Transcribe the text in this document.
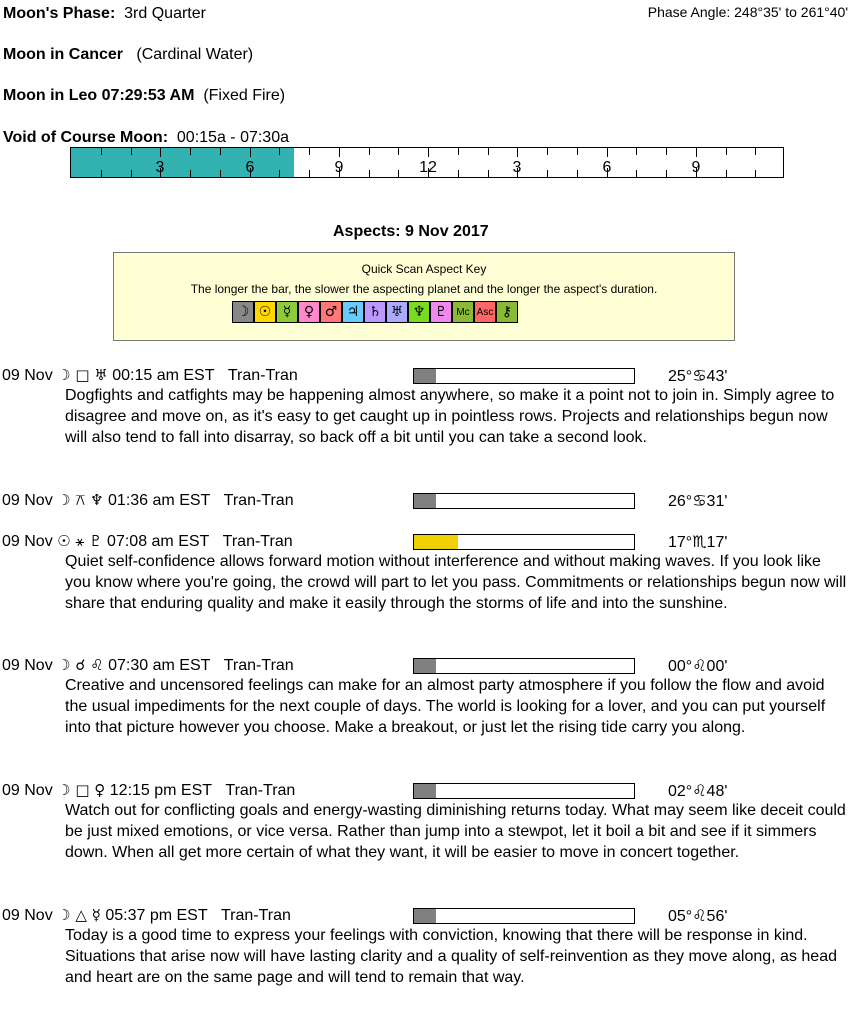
Moon's Phase: 3rd Quarter	Phase Angle: 248°35' to 261°40'
Moon in Cancer (Cardinal Water)
Moon in Leo 07:29:53 AM (Fixed Fire)
Void of Course Moon: 00:15a - 07:30a
3	6	9	12	3	6	9
Aspects: 9 Nov 2017
Quick Scan Aspect Key
The longer the bar, the slower the aspecting planet and the longer the aspect's duration.
☽ ☉ ☿ ♀ ♂ ♃ ♄ ♅ ♆ ♇ Mc Asc ⚷
09 Nov ☽ □ ♅ 00:15 am EST Tran-Tran	25°♋43'
Dogfights and catfights may be happening almost anywhere, so make it a point not to join in. Simply agree to disagree and move on, as it's easy to get caught up in pointless rows. Projects and relationships begun now will also tend to fall into disarray, so back off a bit until you can take a second look.
09 Nov ☽ ⚻ ♆ 01:36 am EST Tran-Tran	26°♋31'
09 Nov ☉ ⚹ ♇ 07:08 am EST Tran-Tran	17°♏17'
Quiet self-confidence allows forward motion without interference and without making waves. If you look like you know where you're going, the crowd will part to let you pass. Commitments or relationships begun now will share that enduring quality and make it easily through the storms of life and into the sunshine.
09 Nov ☽ ☌ ♌ 07:30 am EST Tran-Tran	00°♌00'
Creative and uncensored feelings can make for an almost party atmosphere if you follow the flow and avoid the usual impediments for the next couple of days. The world is looking for a lover, and you can put yourself into that picture however you choose. Make a breakout, or just let the rising tide carry you along.
09 Nov ☽ □ ♀ 12:15 pm EST Tran-Tran	02°♌48'
Watch out for conflicting goals and energy-wasting diminishing returns today. What may seem like deceit could be just mixed emotions, or vice versa. Rather than jump into a stewpot, let it boil a bit and see if it simmers down. When all get more certain of what they want, it will be easier to move in concert together.
09 Nov ☽ △ ☿ 05:37 pm EST Tran-Tran	05°♌56'
Today is a good time to express your feelings with conviction, knowing that there will be response in kind. Situations that arise now will have lasting clarity and a quality of self-reinvention as they move along, as head and heart are on the same page and will tend to remain that way.
